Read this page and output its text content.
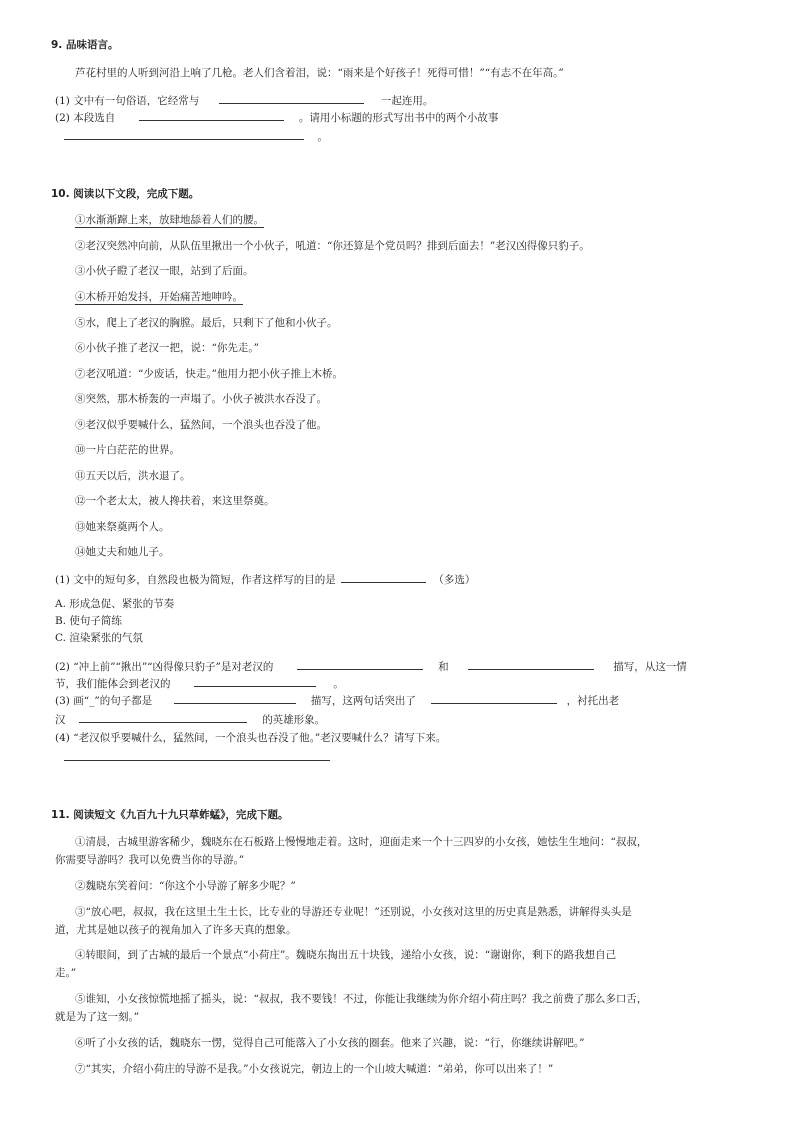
9. 品味语言。
芦花村里的人听到河沿上响了几枪。老人们含着泪，说：“雨来是个好孩子！死得可惜！”“有志不在年高。”
(1) 文中有一句俗语，它经常与	一起连用。
(2) 本段选自	。请用小标题的形式写出书中的两个小故事
。
10. 阅读以下文段，完成下题。
①水渐渐蹿上来，放肆地舔着人们的腰。
②老汉突然冲向前，从队伍里揪出一个小伙子，吼道：“你还算是个党员吗？排到后面去！”老汉凶得像只豹子。
③小伙子瞪了老汉一眼，站到了后面。
④木桥开始发抖，开始痛苦地呻吟。
⑤水，爬上了老汉的胸膛。最后，只剩下了他和小伙子。
⑥小伙子推了老汉一把，说：“你先走。”
⑦老汉吼道：“少废话，快走。”他用力把小伙子推上木桥。
⑧突然，那木桥轰的一声塌了。小伙子被洪水吞没了。
⑨老汉似乎要喊什么，猛然间，一个浪头也吞没了他。
⑩一片白茫茫的世界。
⑪五天以后，洪水退了。
⑫一个老太太，被人搀扶着，来这里祭奠。
⑬她来祭奠两个人。
⑭她丈夫和她儿子。
(1) 文中的短句多，自然段也极为简短，作者这样写的目的是	（多选）
A. 形成急促、紧张的节奏
B. 使句子简练
C. 渲染紧张的气氛
(2) “冲上前”“揪出”“凶得像只豹子”是对老汉的	和	描写，从这一情
节，我们能体会到老汉的	。
(3) 画“_”的句子都是	描写，这两句话突出了	，衬托出老
汉	的英雄形象。
(4) “老汉似乎要喊什么，猛然间，一个浪头也吞没了他。”老汉要喊什么？请写下来。
11. 阅读短文《九百九十九只草蚱蜢》，完成下题。
①清晨，古城里游客稀少，魏晓东在石板路上慢慢地走着。这时，迎面走来一个十三四岁的小女孩，她怯生生地问：“叔叔，
你需要导游吗？我可以免费当你的导游。”
②魏晓东笑着问：“你这个小导游了解多少呢？”
③“放心吧，叔叔，我在这里土生土长，比专业的导游还专业呢！”还别说，小女孩对这里的历史真是熟悉，讲解得头头是
道，尤其是她以孩子的视角加入了许多天真的想象。
④转眼间，到了古城的最后一个景点“小荷庄”。魏晓东掏出五十块钱，递给小女孩，说：“谢谢你，剩下的路我想自己
走。”
⑤谁知，小女孩惊慌地摇了摇头，说：“叔叔，我不要钱！不过，你能让我继续为你介绍小荷庄吗？我之前费了那么多口舌，
就是为了这一刻。”
⑥听了小女孩的话，魏晓东一愣，觉得自己可能落入了小女孩的圈套。他来了兴趣，说：“行，你继续讲解吧。”
⑦“其实，介绍小荷庄的导游不是我。”小女孩说完，朝边上的一个山坡大喊道：“弟弟，你可以出来了！”
